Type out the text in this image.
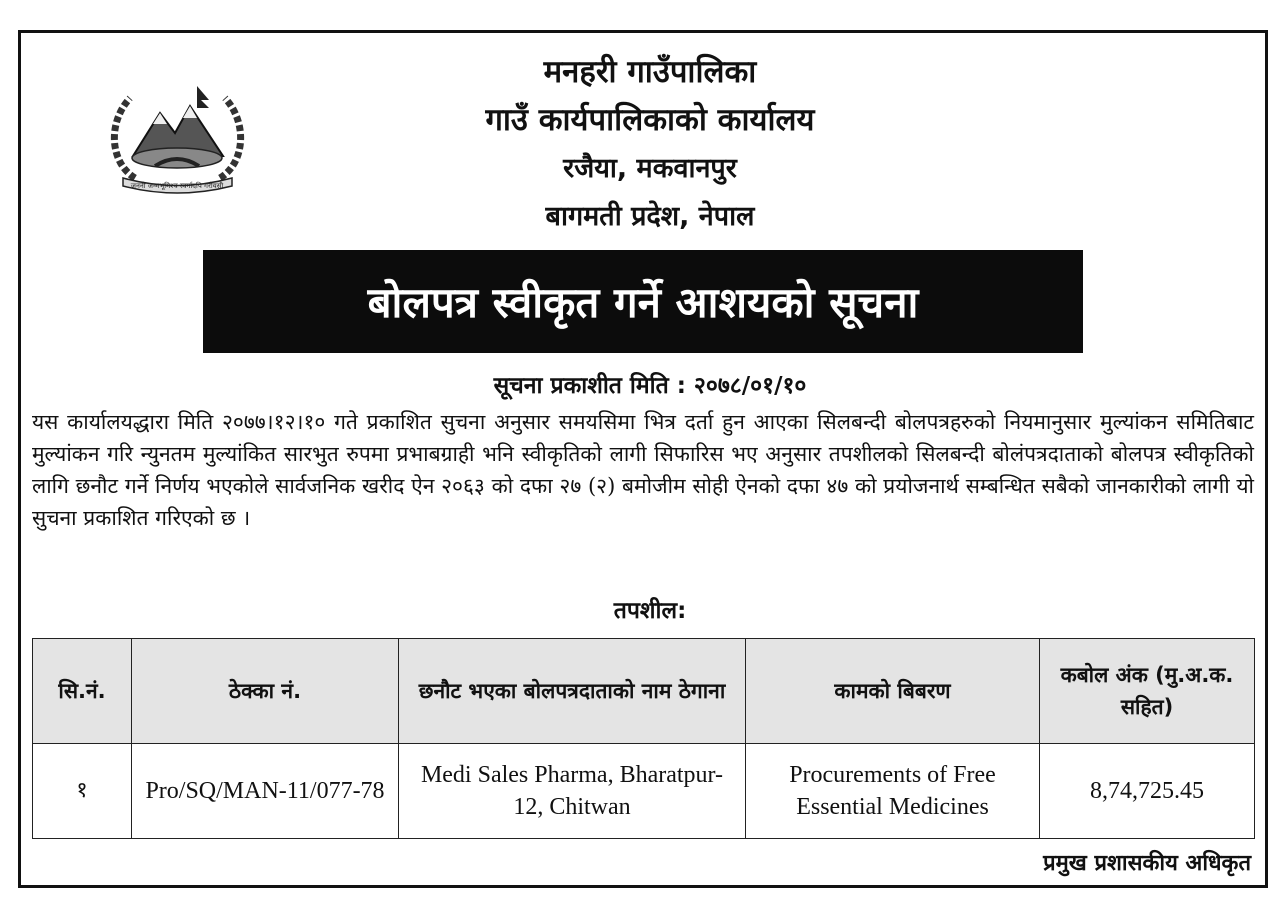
जननी जन्मभूमिश्च स्वर्गादपि गरीयसी
मनहरी गाउँपालिका
गाउँ कार्यपालिकाको कार्यालय
रजैया, मकवानपुर
बागमती प्रदेश, नेपाल
बोलपत्र स्वीकृत गर्ने आशयको सूचना
सूचना प्रकाशीत मिति : २०७८/०१/१०

यस कार्यालयद्धारा मिति २०७७।१२।१० गते प्रकाशित सुचना अनुसार समयसिमा भित्र दर्ता हुन आएका सिलबन्दी बोलपत्रहरुको नियमानुसार मुल्यांकन समितिबाट मुल्यांकन गरि न्युनतम मुल्यांकित सारभुत रुपमा प्रभाबग्राही भनि स्वीकृतिको लागी सिफारिस भए अनुसार तपशीलको सिलबन्दी बोलंपत्रदाताको बोलपत्र स्वीकृतिको लागि छनौट गर्ने निर्णय भएकोले सार्वजनिक खरीद ऐन २०६३ को दफा २७ (२) बमोजीम सोही ऐनको दफा ४७ को प्रयोजनार्थ सम्बन्धित सबैको जानकारीको लागी यो सुचना प्रकाशित गरिएको छ ।

तपशील:
सि.नं.	ठेक्का नं.	छनौट भएका बोलपत्रदाताको नाम ठेगाना	कामको बिबरण	कबोल अंक (मु.अ.क. सहित)
१	Pro/SQ/MAN-11/077-78	Medi Sales Pharma, Bharatpur-12, Chitwan	Procurements of Free Essential Medicines	8,74,725.45
प्रमुख प्रशासकीय अधिकृत
